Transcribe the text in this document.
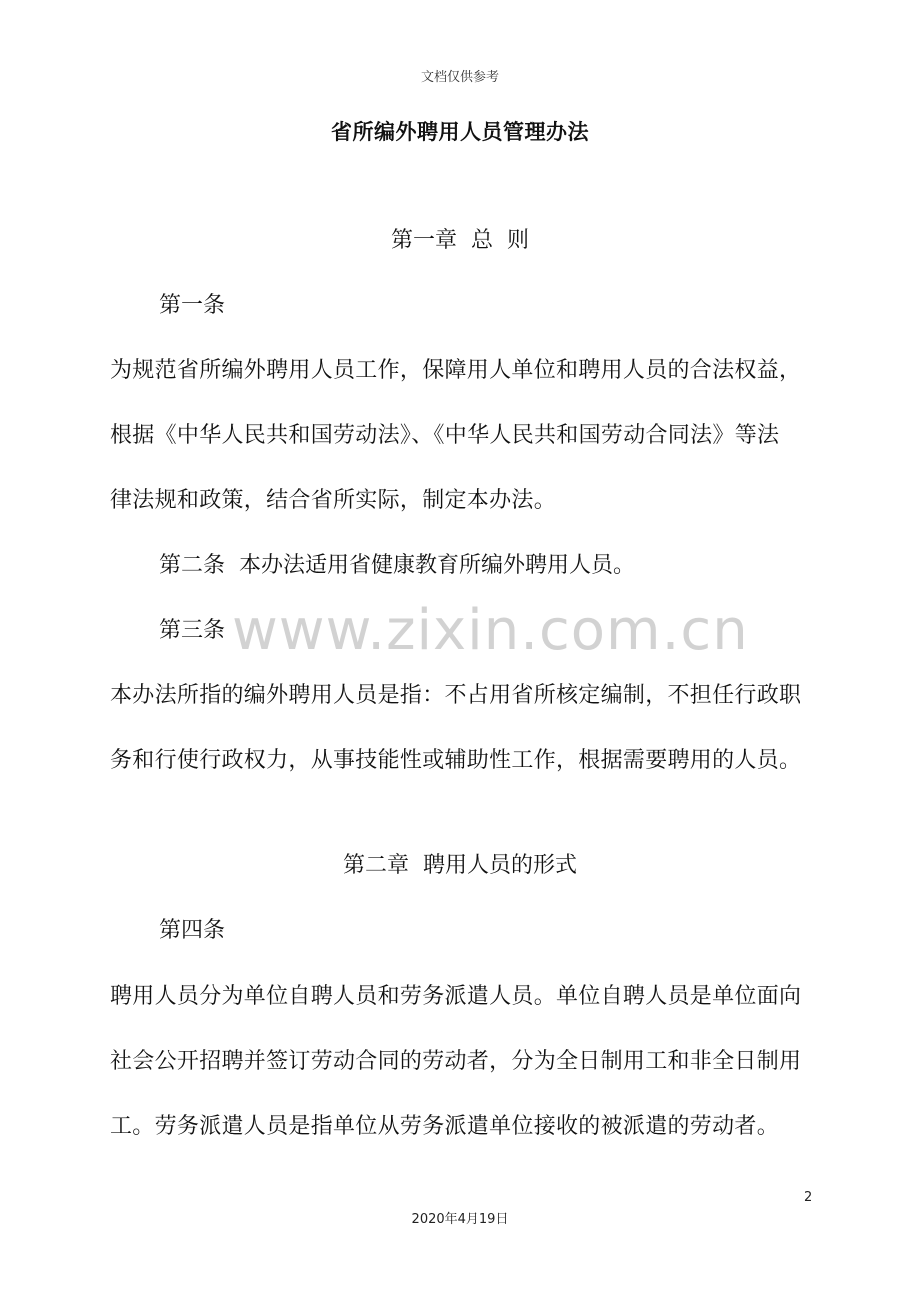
www.zixin.com.cn
文档仅供参考
省所编外聘用人员管理办法
第一章  总  则
第一条
为规范省所编外聘用人员工作，保障用人单位和聘用人员的合法权益，
根据《中华人民共和国劳动法》、《中华人民共和国劳动合同法》等法
律法规和政策，结合省所实际，制定本办法。
第二条  本办法适用省健康教育所编外聘用人员。
第三条
本办法所指的编外聘用人员是指：不占用省所核定编制，不担任行政职
务和行使行政权力，从事技能性或辅助性工作，根据需要聘用的人员。
第二章  聘用人员的形式
第四条
聘用人员分为单位自聘人员和劳务派遣人员。单位自聘人员是单位面向
社会公开招聘并签订劳动合同的劳动者，分为全日制用工和非全日制用
工。劳务派遣人员是指单位从劳务派遣单位接收的被派遣的劳动者。
2
2020年4月19日
